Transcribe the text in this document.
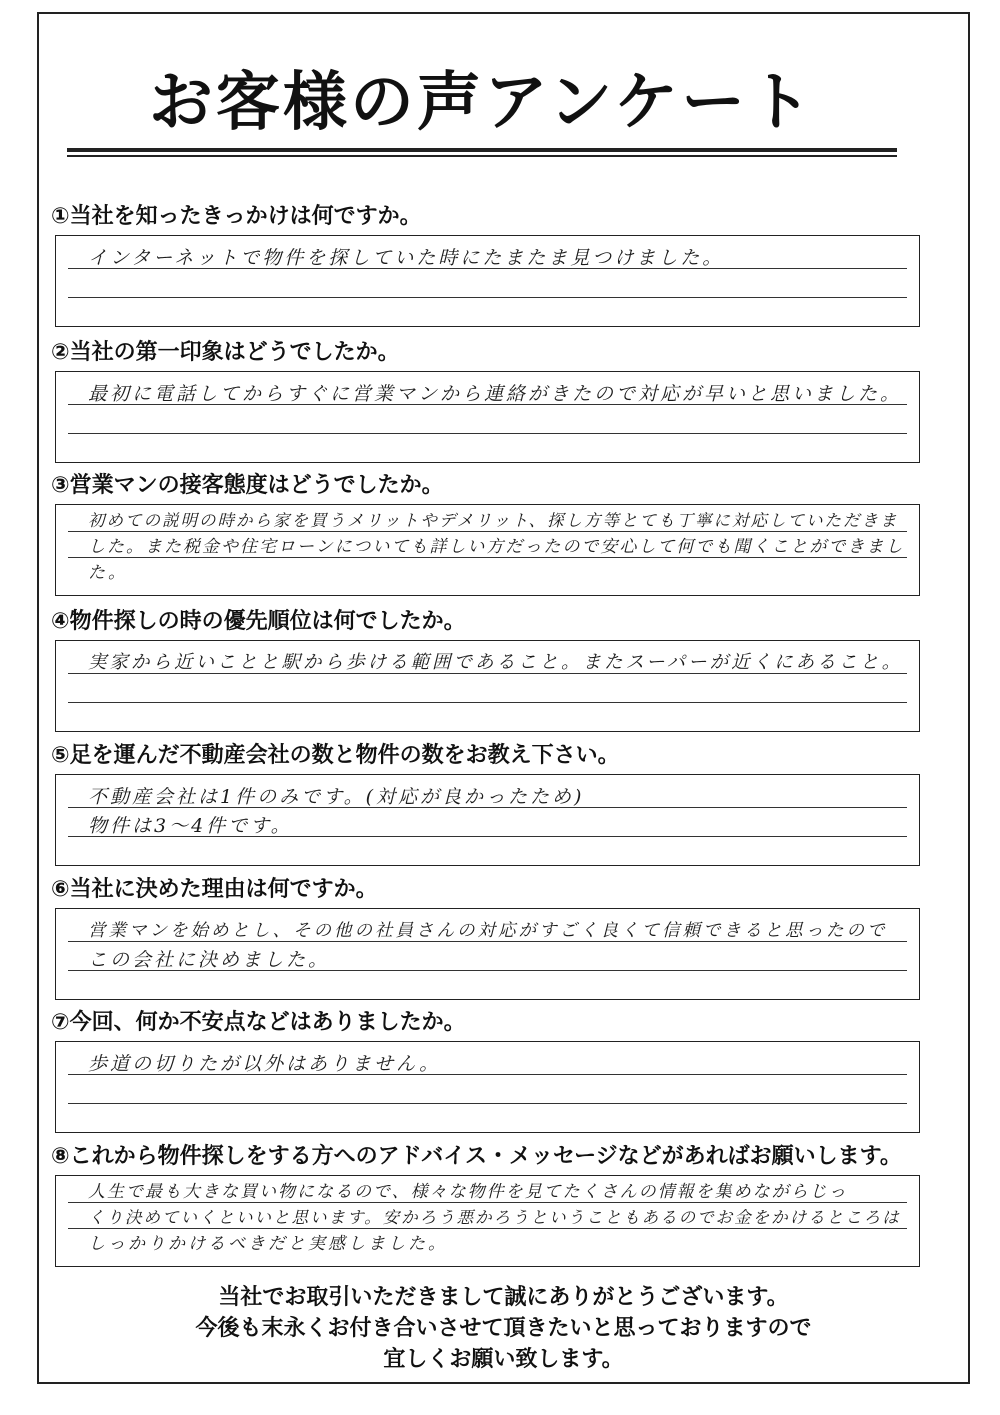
お客様の声アンケート
①当社を知ったきっかけは何ですか。
インターネットで物件を探していた時にたまたま見つけました。
②当社の第一印象はどうでしたか。
最初に電話してからすぐに営業マンから連絡がきたので対応が早いと思いました。
③営業マンの接客態度はどうでしたか。
初めての説明の時から家を買うメリットやデメリット、探し方等とても丁寧に対応していただきま
した。また税金や住宅ローンについても詳しい方だったので安心して何でも聞くことができまし
た。
④物件探しの時の優先順位は何でしたか。
実家から近いことと駅から歩ける範囲であること。またスーパーが近くにあること。
⑤足を運んだ不動産会社の数と物件の数をお教え下さい。
不動産会社は1件のみです。(対応が良かったため)
物件は3～4件です。
⑥当社に決めた理由は何ですか。
営業マンを始めとし、その他の社員さんの対応がすごく良くて信頼できると思ったので
この会社に決めました。
⑦今回、何か不安点などはありましたか。
歩道の切りたが以外はありません。
⑧これから物件探しをする方へのアドバイス・メッセージなどがあればお願いします。
人生で最も大きな買い物になるので、様々な物件を見てたくさんの情報を集めながらじっ
くり決めていくといいと思います。安かろう悪かろうということもあるのでお金をかけるところは
しっかりかけるべきだと実感しました。
当社でお取引いただきまして誠にありがとうございます。
今後も末永くお付き合いさせて頂きたいと思っておりますので
宜しくお願い致します。
